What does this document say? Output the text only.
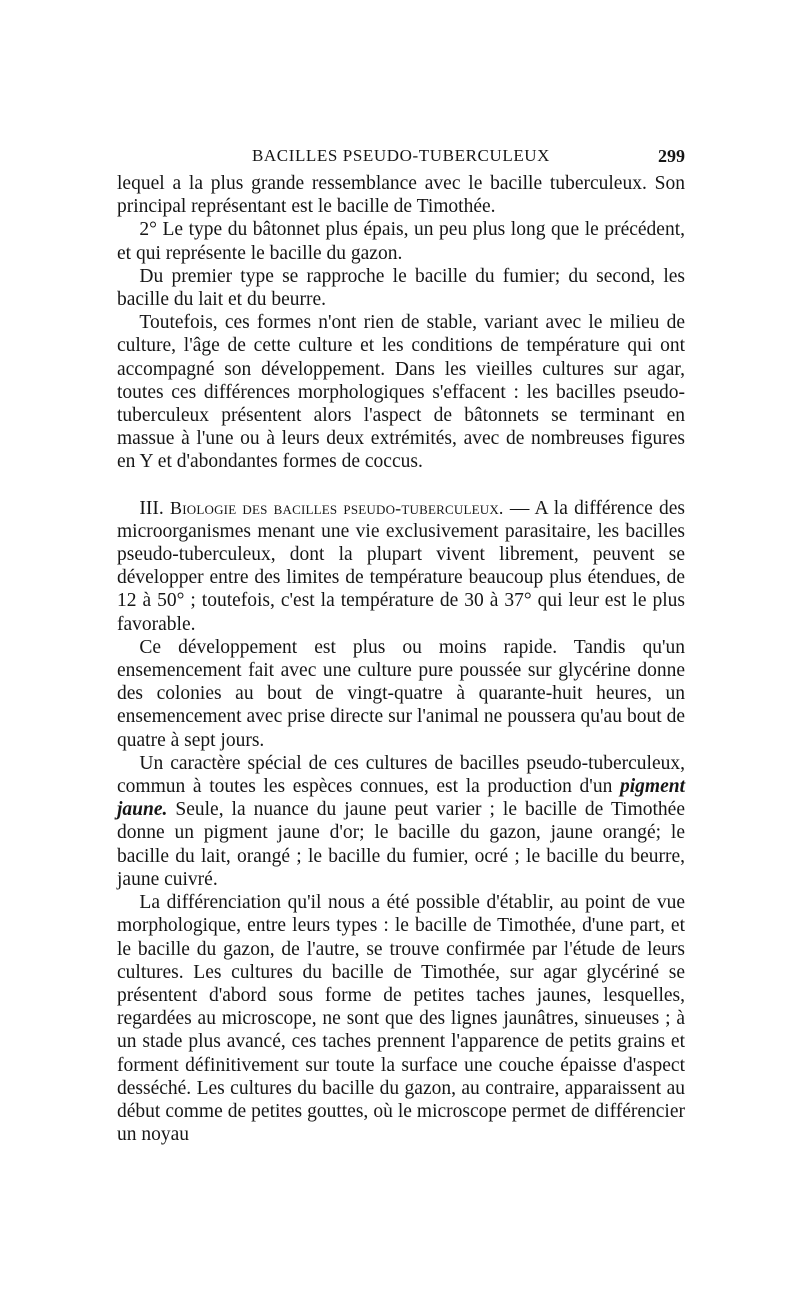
BACILLES PSEUDO-TUBERCULEUX	299

lequel a la plus grande ressemblance avec le bacille tuberculeux. Son principal représentant est le bacille de Timothée.

2° Le type du bâtonnet plus épais, un peu plus long que le précédent, et qui représente le bacille du gazon.

Du premier type se rapproche le bacille du fumier; du second, les bacille du lait et du beurre.

Toutefois, ces formes n'ont rien de stable, variant avec le milieu de culture, l'âge de cette culture et les conditions de température qui ont accompagné son développement. Dans les vieilles cultures sur agar, toutes ces différences morphologiques s'effacent : les bacilles pseudo-tuberculeux présentent alors l'aspect de bâtonnets se terminant en massue à l'une ou à leurs deux extrémités, avec de nombreuses figures en Y et d'abondantes formes de coccus.

III. Biologie des bacilles pseudo-tuberculeux. — A la différence des microorganismes menant une vie exclusivement parasitaire, les bacilles pseudo-tuberculeux, dont la plupart vivent librement, peuvent se développer entre des limites de température beaucoup plus étendues, de 12 à 50° ; toutefois, c'est la température de 30 à 37° qui leur est le plus favorable.

Ce développement est plus ou moins rapide. Tandis qu'un ensemencement fait avec une culture pure poussée sur glycérine donne des colonies au bout de vingt-quatre à quarante-huit heures, un ensemencement avec prise directe sur l'animal ne poussera qu'au bout de quatre à sept jours.

Un caractère spécial de ces cultures de bacilles pseudo-tuberculeux, commun à toutes les espèces connues, est la production d'un pigment jaune. Seule, la nuance du jaune peut varier ; le bacille de Timothée donne un pigment jaune d'or; le bacille du gazon, jaune orangé; le bacille du lait, orangé ; le bacille du fumier, ocré ; le bacille du beurre, jaune cuivré.

La différenciation qu'il nous a été possible d'établir, au point de vue morphologique, entre leurs types : le bacille de Timothée, d'une part, et le bacille du gazon, de l'autre, se trouve confirmée par l'étude de leurs cultures. Les cultures du bacille de Timothée, sur agar glycériné se présentent d'abord sous forme de petites taches jaunes, lesquelles, regardées au microscope, ne sont que des lignes jaunâtres, sinueuses ; à un stade plus avancé, ces taches prennent l'apparence de petits grains et forment définitivement sur toute la surface une couche épaisse d'aspect desséché. Les cultures du bacille du gazon, au contraire, apparaissent au début comme de petites gouttes, où le microscope permet de différencier un noyau
